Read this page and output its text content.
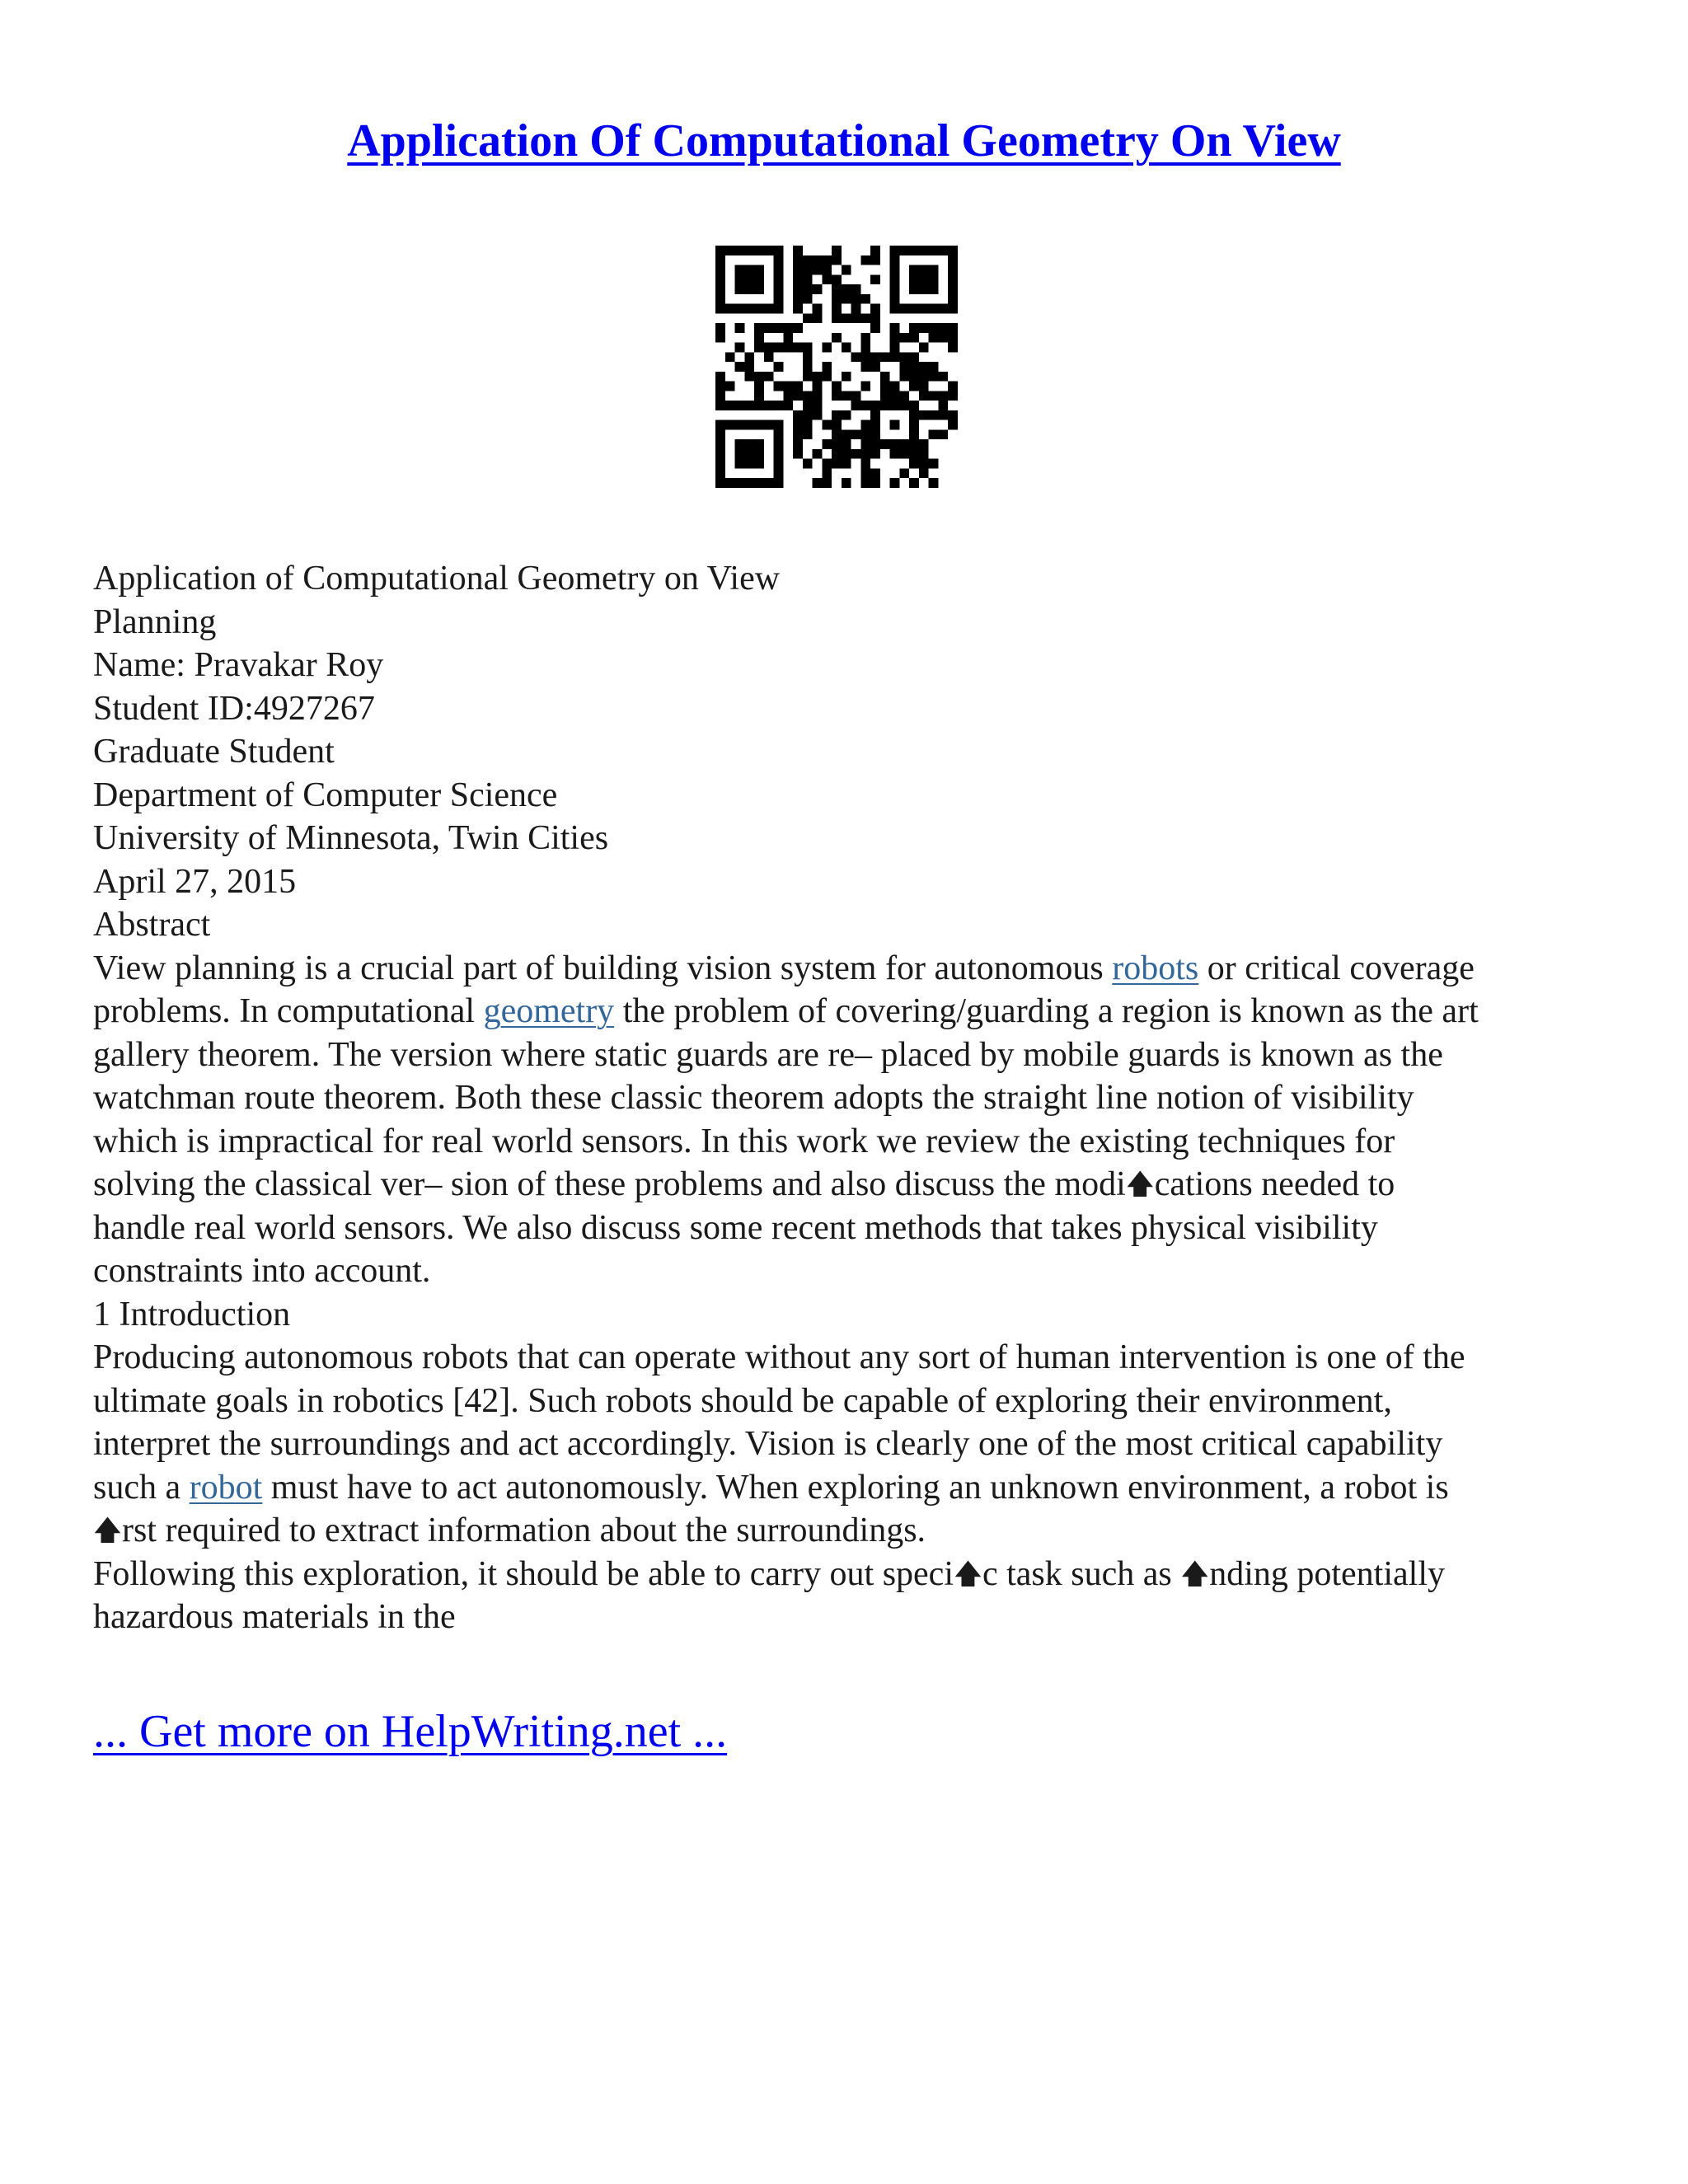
Application Of Computational Geometry On View
Application of Computational Geometry on View
Planning
Name: Pravakar Roy
Student ID:4927267
Graduate Student
Department of Computer Science
University of Minnesota, Twin Cities
April 27, 2015
Abstract
View planning is a crucial part of building vision system for autonomous robots or critical coverage
problems. In computational geometry the problem of covering/guarding a region is known as the art
gallery theorem. The version where static guards are re– placed by mobile guards is known as the
watchman route theorem. Both these classic theorem adopts the straight line notion of visibility
which is impractical for real world sensors. In this work we review the existing techniques for
solving the classical ver– sion of these problems and also discuss the modi🡅cations needed to
handle real world sensors. We also discuss some recent methods that takes physical visibility
constraints into account.
1 Introduction
Producing autonomous robots that can operate without any sort of human intervention is one of the
ultimate goals in robotics [42]. Such robots should be capable of exploring their environment,
interpret the surroundings and act accordingly. Vision is clearly one of the most critical capability
such a robot must have to act autonomously. When exploring an unknown environment, a robot is
🡅rst required to extract information about the surroundings.
Following this exploration, it should be able to carry out speci🡅c task such as 🡅nding potentially
hazardous materials in the
... Get more on HelpWriting.net ...
